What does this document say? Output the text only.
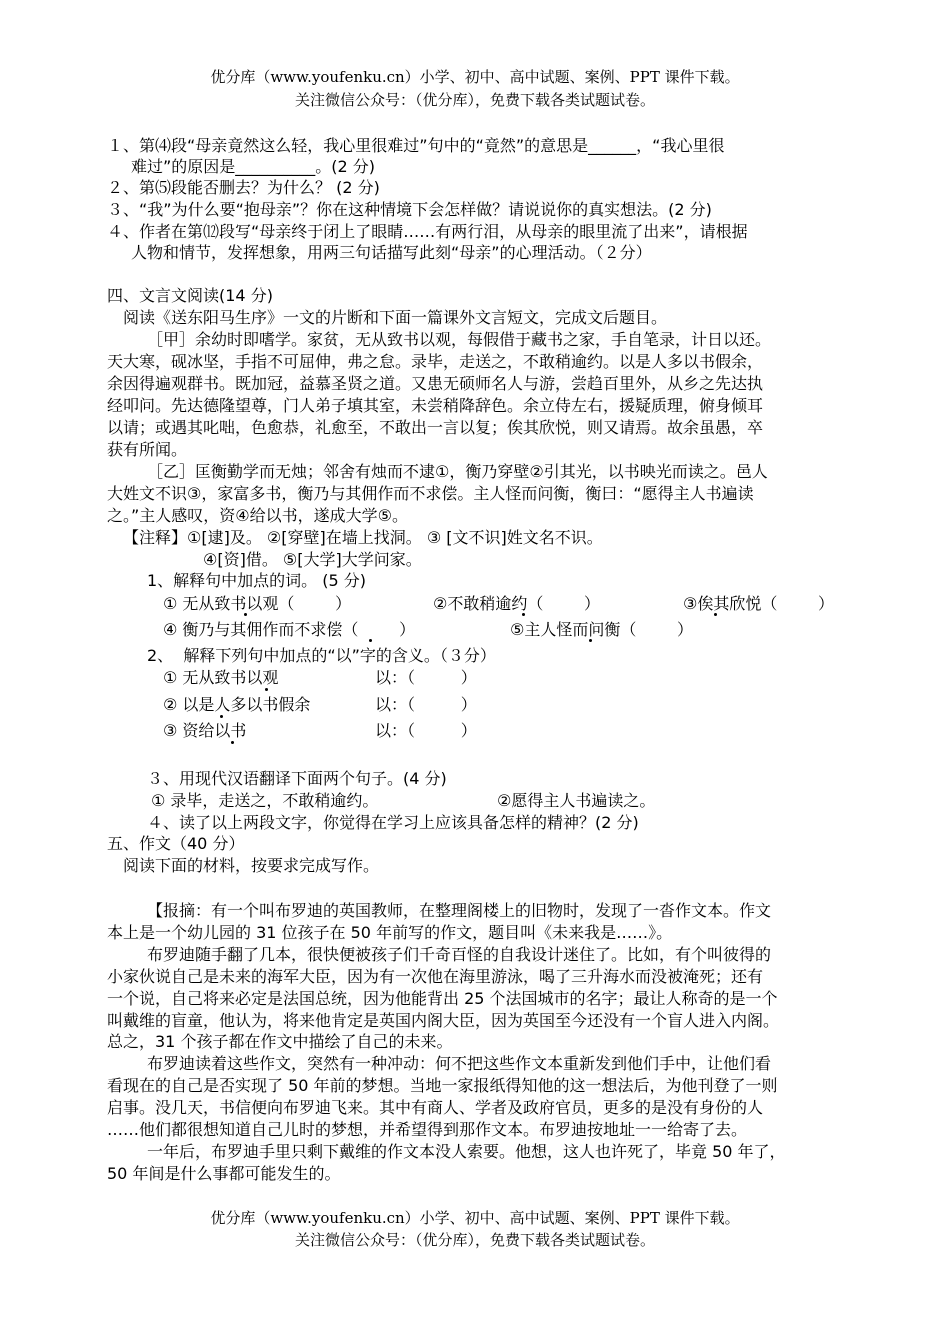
优分库（www.youfenku.cn）小学、初中、高中试题、案例、PPT 课件下载。
关注微信公众号：（优分库），免费下载各类试题试卷。
１、第⑷段“母亲竟然这么轻，我心里很难过”句中的“竟然”的意思是______，“我心里很
难过”的原因是__________。(2 分)
２、第⑸段能否删去？为什么？ (2 分)
３、“我”为什么要“抱母亲”？你在这种情境下会怎样做？请说说你的真实想法。(2 分)
４、作者在第⑿段写“母亲终于闭上了眼睛……有两行泪，从母亲的眼里流了出来”，请根据
人物和情节，发挥想象，用两三句话描写此刻“母亲”的心理活动。（２分）
四、文言文阅读(14 分)
阅读《送东阳马生序》一文的片断和下面一篇课外文言短文，完成文后题目。
［甲］余幼时即嗜学。家贫，无从致书以观，每假借于藏书之家，手自笔录，计日以还。
天大寒，砚冰坚，手指不可屈伸，弗之怠。录毕，走送之，不敢稍逾约。以是人多以书假余，
余因得遍观群书。既加冠，益慕圣贤之道。又患无硕师名人与游，尝趋百里外，从乡之先达执
经叩问。先达德隆望尊，门人弟子填其室，未尝稍降辞色。余立侍左右，援疑质理，俯身倾耳
以请；或遇其叱咄，色愈恭，礼愈至，不敢出一言以复；俟其欣悦，则又请焉。故余虽愚，卒
获有所闻。
［乙］匡衡勤学而无烛；邻舍有烛而不逮①，衡乃穿壁②引其光，以书映光而读之。邑人
大姓文不识③，家富多书，衡乃与其佣作而不求偿。主人怪而问衡，衡曰：“愿得主人书遍读
之。”主人感叹，资④给以书，遂成大学⑤。
【注释】①[逮]及。 ②[穿壁]在墙上找洞。 ③ [文不识]姓文名不识。
④[资]借。 ⑤[大学]大学问家。
1、解释句中加点的词。 (5 分)
① 无从致书以观（        ）	②不敢稍逾约（        ）	③俟其欣悦（        ）
④ 衡乃与其佣作而不求偿（        ）	⑤主人怪而问衡（        ）
2、  解释下列句中加点的“以”字的含义。（３分）
① 无从致书以观	以：（         ）
② 以是人多以书假余	以：（         ）
③ 资给以书	以：（         ）
３、用现代汉语翻译下面两个句子。(4 分)
① 录毕，走送之，不敢稍逾约。	②愿得主人书遍读之。
４、读了以上两段文字，你觉得在学习上应该具备怎样的精神？(2 分)
五、作文（40 分）
阅读下面的材料，按要求完成写作。
【报摘：有一个叫布罗迪的英国教师，在整理阁楼上的旧物时，发现了一沓作文本。作文
本上是一个幼儿园的 31 位孩子在 50 年前写的作文，题目叫《未来我是……》。
布罗迪随手翻了几本，很快便被孩子们千奇百怪的自我设计迷住了。比如，有个叫彼得的
小家伙说自己是未来的海军大臣，因为有一次他在海里游泳，喝了三升海水而没被淹死；还有
一个说，自己将来必定是法国总统，因为他能背出 25 个法国城市的名字；最让人称奇的是一个
叫戴维的盲童，他认为，将来他肯定是英国内阁大臣，因为英国至今还没有一个盲人进入内阁。
总之，31 个孩子都在作文中描绘了自己的未来。
布罗迪读着这些作文，突然有一种冲动：何不把这些作文本重新发到他们手中，让他们看
看现在的自己是否实现了 50 年前的梦想。当地一家报纸得知他的这一想法后，为他刊登了一则
启事。没几天，书信便向布罗迪飞来。其中有商人、学者及政府官员，更多的是没有身份的人
……他们都很想知道自己儿时的梦想，并希望得到那作文本。布罗迪按地址一一给寄了去。
一年后，布罗迪手里只剩下戴维的作文本没人索要。他想，这人也许死了，毕竟 50 年了，
50 年间是什么事都可能发生的。
优分库（www.youfenku.cn）小学、初中、高中试题、案例、PPT 课件下载。
关注微信公众号：（优分库），免费下载各类试题试卷。
